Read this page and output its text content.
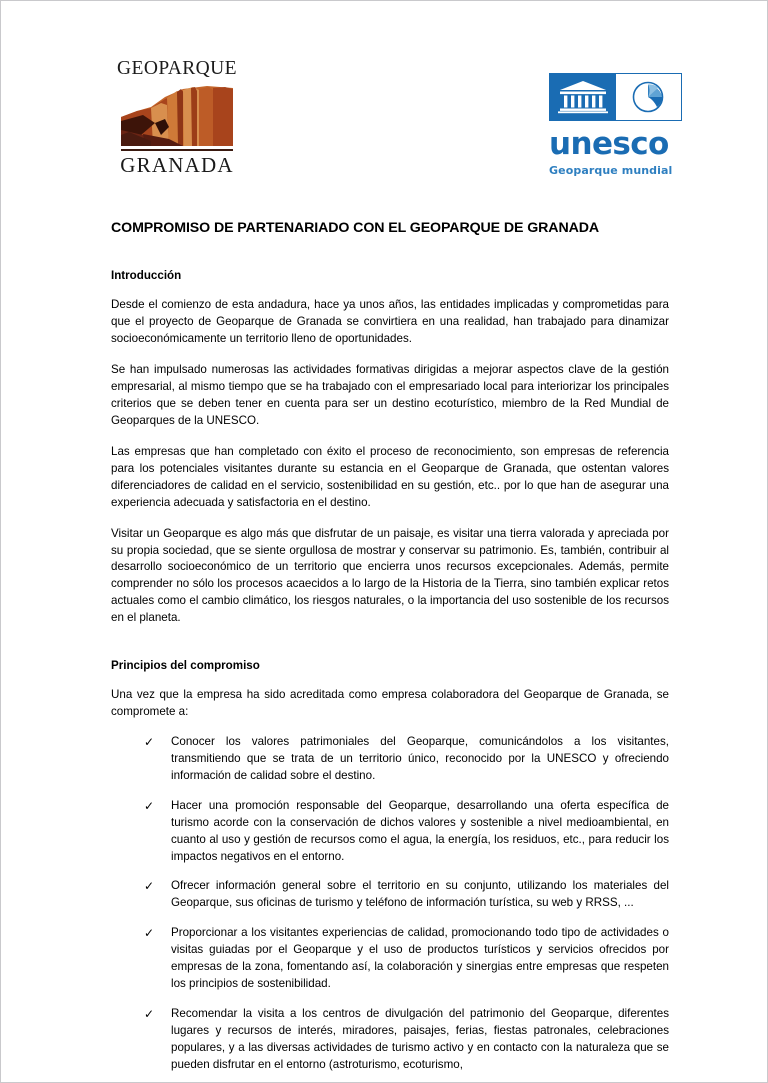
GEOPARQUE
GRANADA
unesco
Geoparque mundial
COMPROMISO DE PARTENARIADO CON EL GEOPARQUE DE GRANADA
Introducción

Desde el comienzo de esta andadura, hace ya unos años, las entidades implicadas y comprometidas para que el proyecto de Geoparque de Granada se convirtiera en una realidad, han trabajado para dinamizar socioeconómicamente un territorio lleno de oportunidades.

Se han impulsado numerosas las actividades formativas dirigidas a mejorar aspectos clave de la gestión empresarial, al mismo tiempo que se ha trabajado con el empresariado local para interiorizar los principales criterios que se deben tener en cuenta para ser un destino ecoturístico, miembro de la Red Mundial de Geoparques de la UNESCO.

Las empresas que han completado con éxito el proceso de reconocimiento, son empresas de referencia para los potenciales visitantes durante su estancia en el Geoparque de Granada, que ostentan valores diferenciadores de calidad en el servicio, sostenibilidad en su gestión, etc.. por lo que han de asegurar una experiencia adecuada y satisfactoria en el destino.

Visitar un Geoparque es algo más que disfrutar de un paisaje, es visitar una tierra valorada y apreciada por su propia sociedad, que se siente orgullosa de mostrar y conservar su patrimonio. Es, también, contribuir al desarrollo socioeconómico de un territorio que encierra unos recursos excepcionales. Además, permite comprender no sólo los procesos acaecidos a lo largo de la Historia de la Tierra, sino también explicar retos actuales como el cambio climático, los riesgos naturales, o la importancia del uso sostenible de los recursos en el planeta.

Principios del compromiso

Una vez que la empresa ha sido acreditada como empresa colaboradora del Geoparque de Granada, se compromete a:

✓ Conocer los valores patrimoniales del Geoparque, comunicándolos a los visitantes, transmitiendo que se trata de un territorio único, reconocido por la UNESCO y ofreciendo información de calidad sobre el destino.
✓ Hacer una promoción responsable del Geoparque, desarrollando una oferta específica de turismo acorde con la conservación de dichos valores y sostenible a nivel medioambiental, en cuanto al uso y gestión de recursos como el agua, la energía, los residuos, etc., para reducir los impactos negativos en el entorno.
✓ Ofrecer información general sobre el territorio en su conjunto, utilizando los materiales del Geoparque, sus oficinas de turismo y teléfono de información turística, su web y RRSS, ...
✓ Proporcionar a los visitantes experiencias de calidad, promocionando todo tipo de actividades o visitas guiadas por el Geoparque y el uso de productos turísticos y servicios ofrecidos por empresas de la zona, fomentando así, la colaboración y sinergias entre empresas que respeten los principios de sostenibilidad.
✓ Recomendar la visita a los centros de divulgación del patrimonio del Geoparque, diferentes lugares y recursos de interés, miradores, paisajes, ferias, fiestas patronales, celebraciones populares, y a las diversas actividades de turismo activo y en contacto con la naturaleza que se pueden disfrutar en el entorno (astroturismo, ecoturismo,
